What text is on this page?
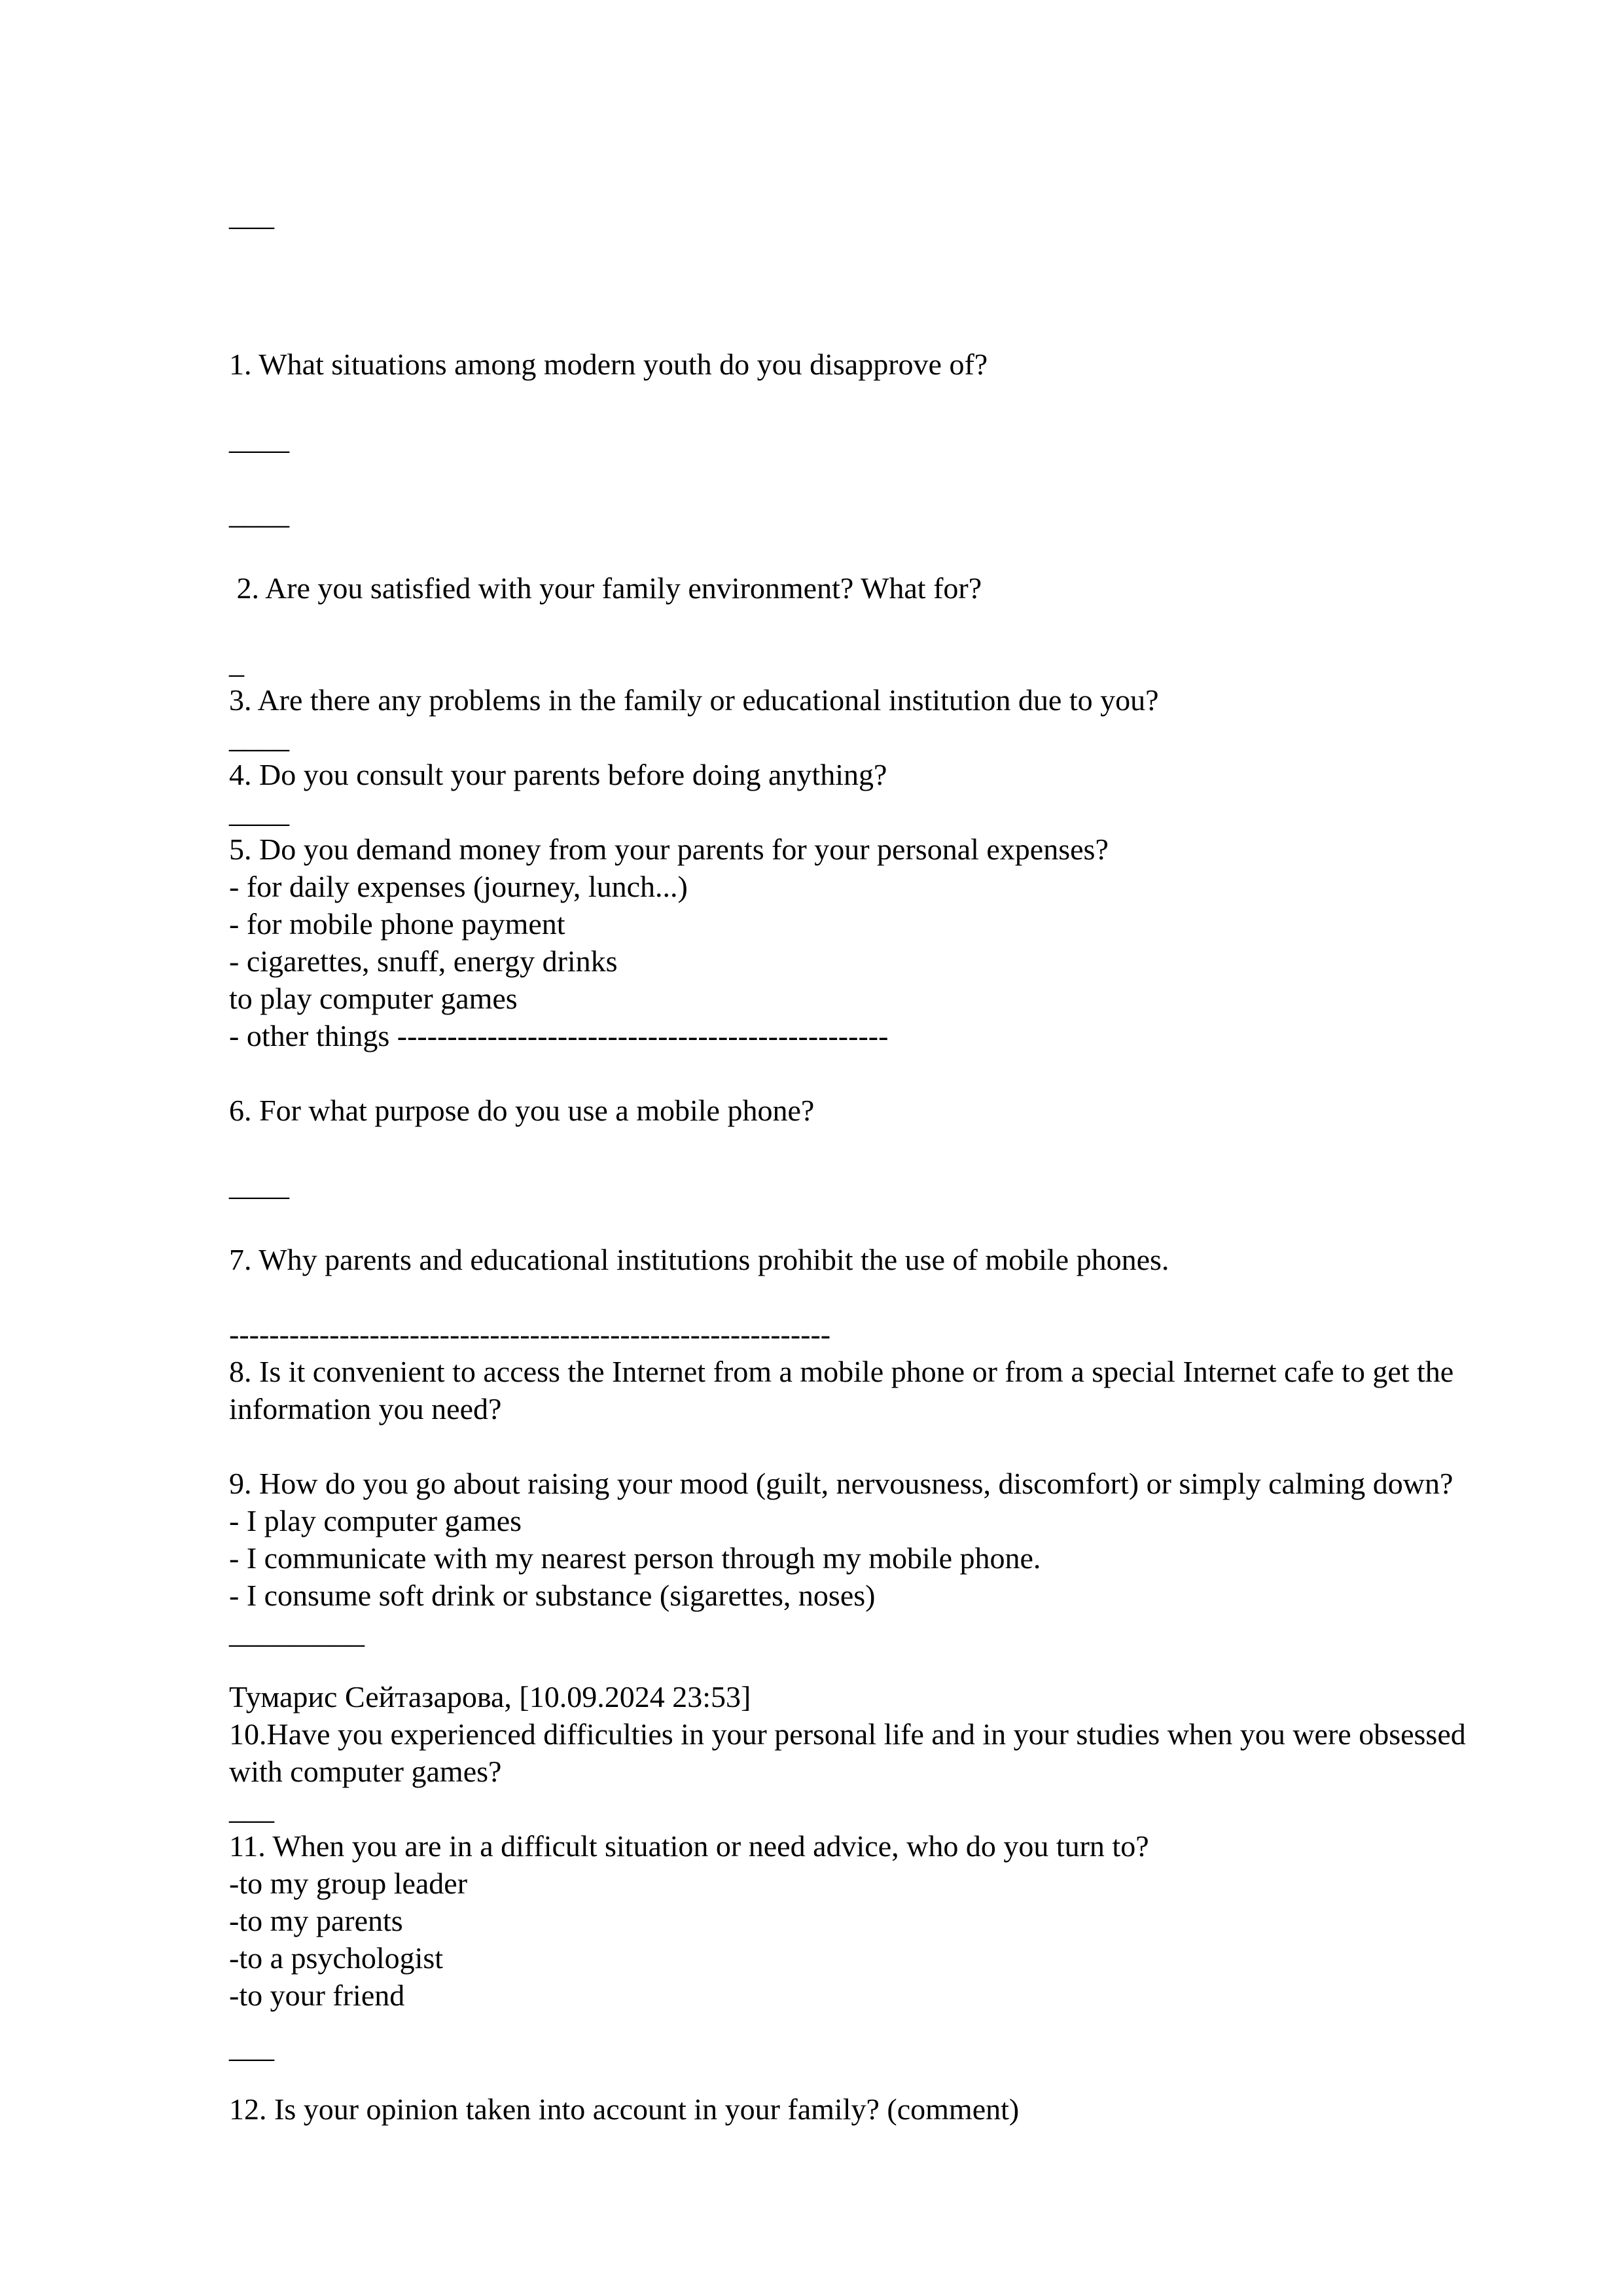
___
1. What situations among modern youth do you disapprove of?
____
____
2. Are you satisfied with your family environment? What for?
_
3. Are there any problems in the family or educational institution due to you?
____
4. Do you consult your parents before doing anything?
____
5. Do you demand money from your parents for your personal expenses?
- for daily expenses (journey, lunch...)
- for mobile phone payment
- cigarettes, snuff, energy drinks
to play computer games
- other things -------------------------------------------------
6. For what purpose do you use a mobile phone?
____
7. Why parents and educational institutions prohibit the use of mobile phones.
------------------------------------------------------------
8. Is it convenient to access the Internet from a mobile phone or from a special Internet cafe to get the
information you need?
9. How do you go about raising your mood (guilt, nervousness, discomfort) or simply calming down?
- I play computer games
- I communicate with my nearest person through my mobile phone.
- I consume soft drink or substance (sigarettes, noses)
_________
Тумарис Сейтазарова, [10.09.2024 23:53]
10.Have you experienced difficulties in your personal life and in your studies when you were obsessed
with computer games?
___
11. When you are in a difficult situation or need advice, who do you turn to?
-to my group leader
-to my parents
-to a psychologist
-to your friend
___
12. Is your opinion taken into account in your family? (comment)
